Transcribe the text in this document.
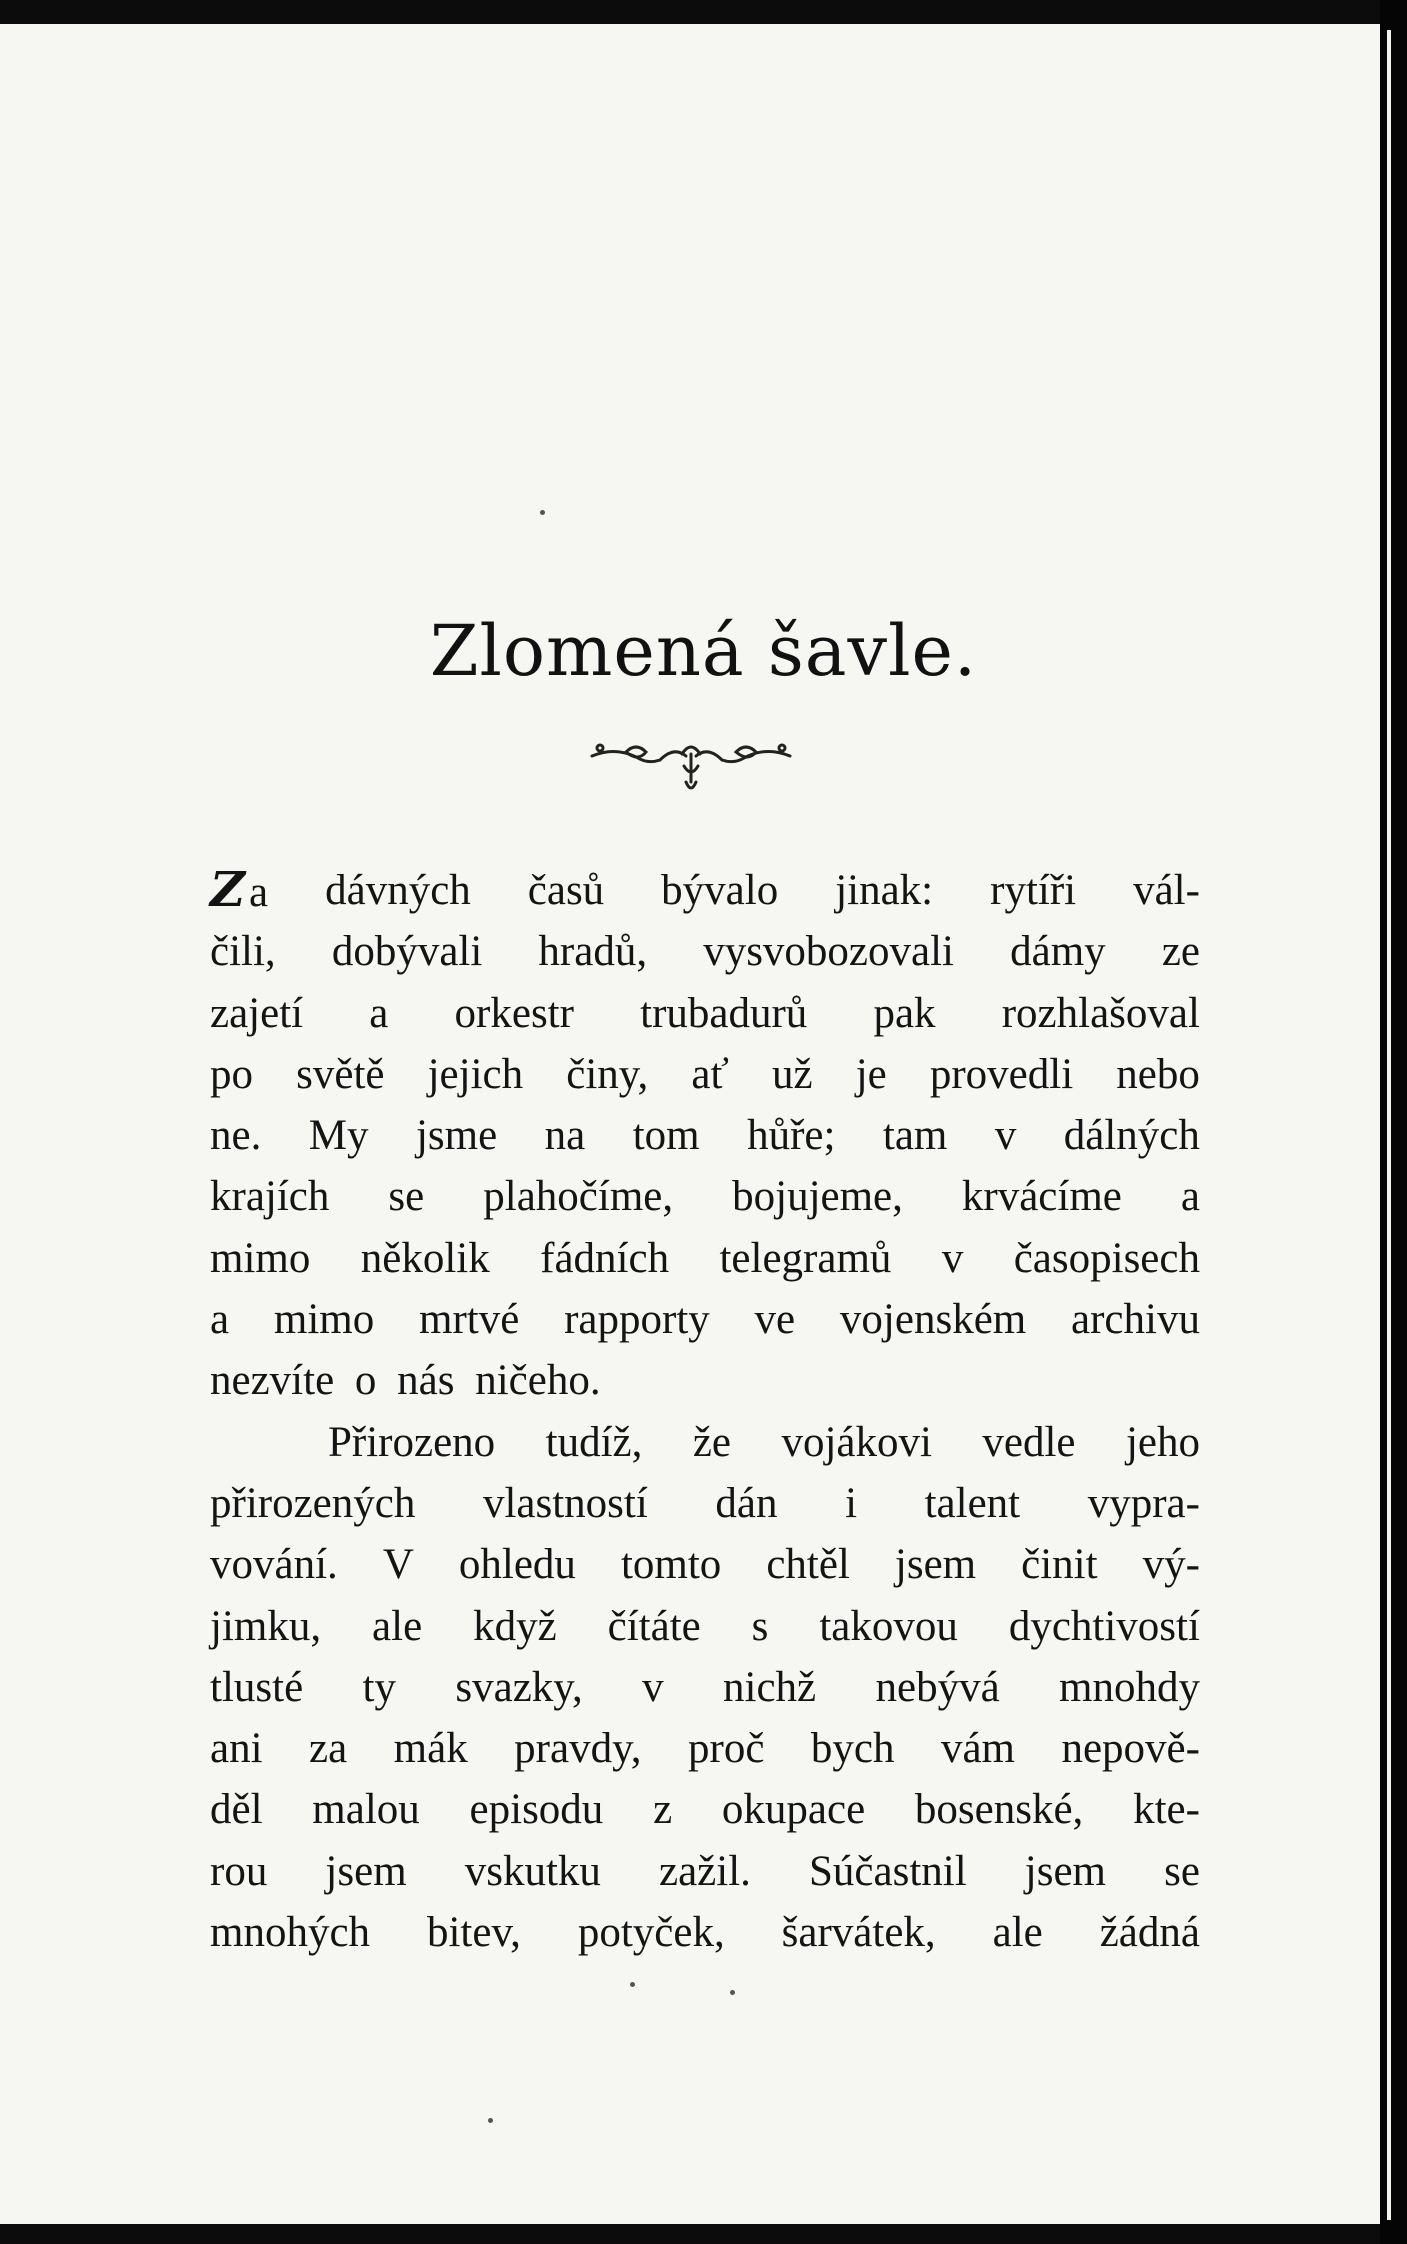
Zlomená šavle.
Za dávných časů bývalo jinak: rytíři vál-
čili, dobývali hradů, vysvobozovali dámy ze
zajetí a orkestr trubadurů pak rozhlašoval
po světě jejich činy, ať už je provedli nebo
ne. My jsme na tom hůře; tam v dálných
krajích se plahočíme, bojujeme, krvácíme a
mimo několik fádních telegramů v časopisech
a mimo mrtvé rapporty ve vojenském archivu
nezvíte o nás ničeho.
Přirozeno tudíž, že vojákovi vedle jeho
přirozených vlastností dán i talent vypra-
vování. V ohledu tomto chtěl jsem činit vý-
jimku, ale když čítáte s takovou dychtivostí
tlusté ty svazky, v nichž nebývá mnohdy
ani za mák pravdy, proč bych vám nepově-
děl malou episodu z okupace bosenské, kte-
rou jsem vskutku zažil. Súčastnil jsem se
mnohých bitev, potyček, šarvátek, ale žádná
